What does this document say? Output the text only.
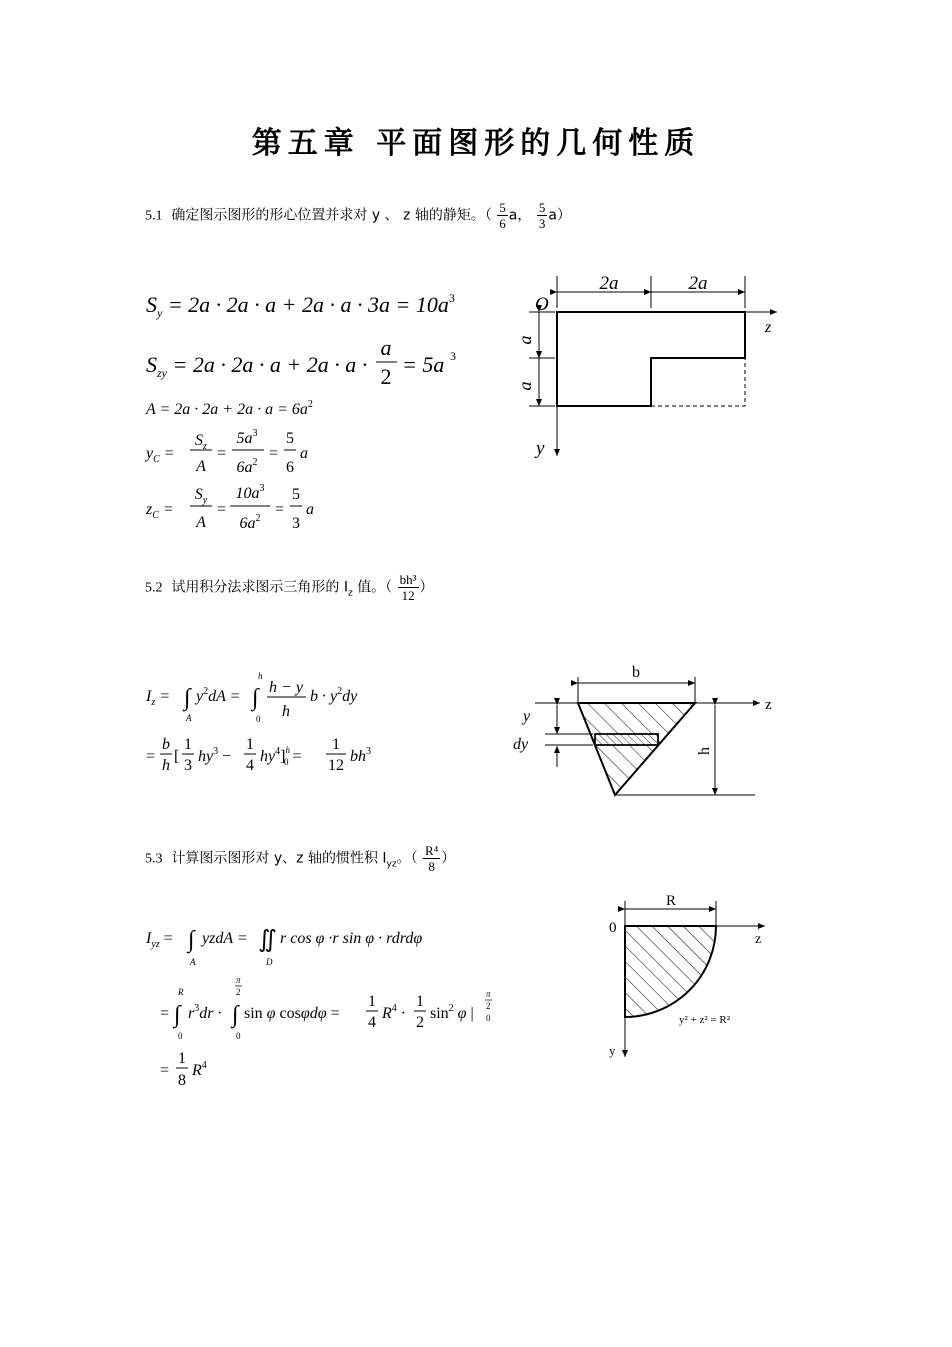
第五章 平面图形的几何性质
5.1 确定图示图形的形心位置并求对 y 、 z 轴的静矩。（ $\frac{5}{6}$ a， $\frac{5}{3} a$）
$S_y = 2a \cdot 2a \cdot a + 2a \cdot a \cdot 3a = 10a^3$
$S_{zy} = 2a \cdot 2a \cdot a + 2a \cdot a$ ·
a
2 = 5a 3
$A = 2a \cdot 2a + 2a \cdot a = 6a^2$
$y_C$ =
$S_z$
A
=
$5a^3$
$6a^2$
=
5
6
a
$z_C$ =
$S_y$
A
=
$10a^3$
$6a^2$
=
5
3
a
2a	2a
z
O
y
a
a
5.2 试用积分法求图示三角形的 $I_z$ 值。（ $\frac{\text{bh³}}{12}$ ）
$I_z$ = ∫
A
$y^2dA$ = ∫
h
0
h − y
h
$b \cdot y^2dy$
=
b
h
[
1
3
$hy^3$ −
1
4
$hy^4]^h$ 0 =
1
12
$bh^3$
b
z
y
dy	h
5.3 计算图示图形对 y、z 轴的惯性积 $I_{yz}$。（ $\frac{\text{R⁴}}{8}$ ）
$I_{yz}$ = ∫
A
yzdA = ∬
D
r cos φ ·r sin φ · rdrdφ
= ∫
R
0
$r^3dr$ · ∫
π
2
0
sin φ cosφdφ =
1
4
$R^4$ ·
1
2
$\sin^2 \varphi$ |
π
2
0
=
1
8
$R^4$
R
0
z
y
y² + z² = R²
